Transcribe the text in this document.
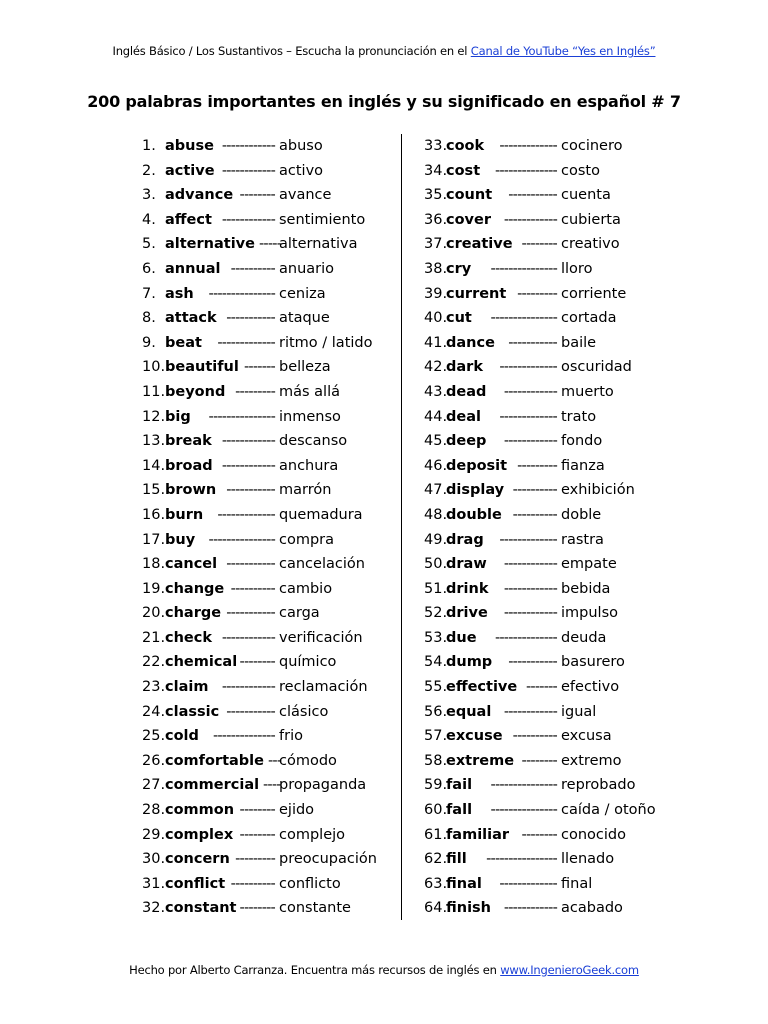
Inglés Básico / Los Sustantivos – Escucha la pronunciación en el Canal de YouTube “Yes en Inglés”
200 palabras importantes en inglés y su significado en español # 7
1. abuse ------------ abuso
2. active ------------ activo
3. advance -------- avance
4. affect ------------ sentimiento
5. alternative -----
alternativa
6. annual ---------- anuario
7. ash --------------- ceniza
8. attack ----------- ataque
9. beat ------------- ritmo / latido
10. beautiful ------- belleza
11. beyond --------- más allá
12. big --------------- inmenso
13. break ------------ descanso
14. broad ------------ anchura
15. brown ----------- marrón
16. burn ------------- quemadura
17. buy --------------- compra
18. cancel ----------- cancelación
19. change ---------- cambio
20. charge ----------- carga
21. check ------------ verificación
22. chemical -------- químico
23. claim ------------ reclamación
24. classic ----------- clásico
25. cold -------------- frio
26. comfortable ---
cómodo
27. commercial ----
propaganda
28. common -------- ejido
29. complex -------- complejo
30. concern --------- preocupación
31. conflict ---------- conflicto
32. constant -------- constante
33.
cook ------------- cocinero
34.
cost -------------- costo
35.
count ----------- cuenta
36.
cover ------------ cubierta
37.
creative -------- creativo
38.
cry --------------- lloro
39.
current --------- corriente
40.
cut --------------- cortada
41.
dance ----------- baile
42.
dark ------------- oscuridad
43.
dead ------------ muerto
44.
deal ------------- trato
45.
deep ------------ fondo
46.
deposit --------- fianza
47.
display ---------- exhibición
48.
double ---------- doble
49.
drag ------------- rastra
50.
draw ------------ empate
51.
drink ------------ bebida
52.
drive ------------ impulso
53.
due -------------- deuda
54.
dump ----------- basurero
55.
effective ------- efectivo
56.
equal ------------ igual
57.
excuse ---------- excusa
58.
extreme -------- extremo
59.
fail --------------- reprobado
60.
fall --------------- caída / otoño
61.
familiar -------- conocido
62.
fill ---------------- llenado
63.
final ------------- final
64.
finish ------------ acabado
Hecho por Alberto Carranza. Encuentra más recursos de inglés en www.IngenieroGeek.com
